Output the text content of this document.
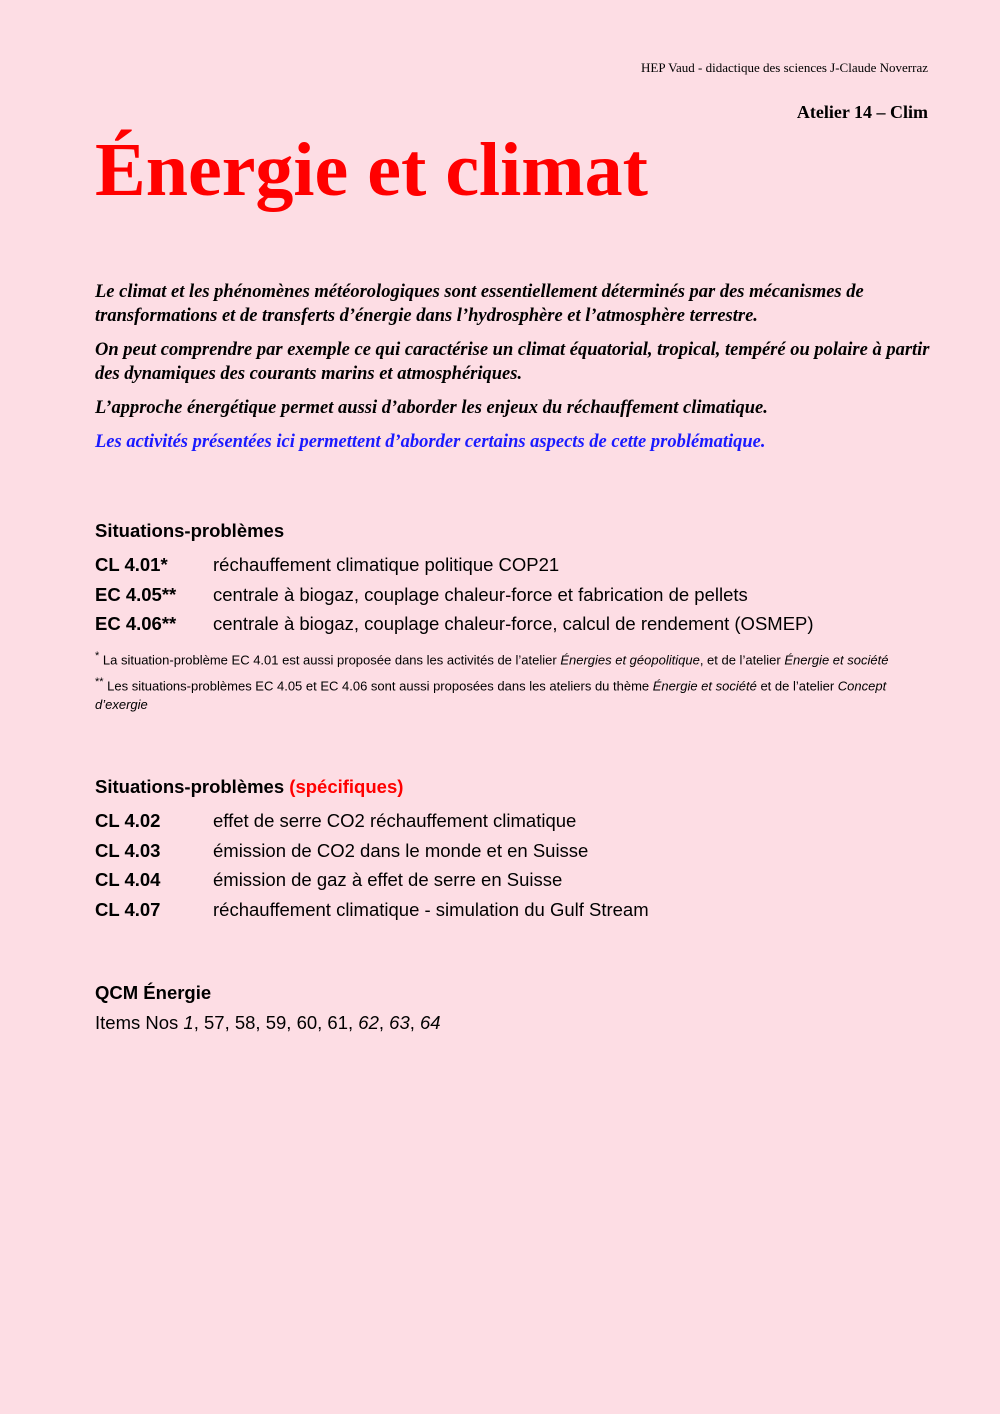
HEP Vaud - didactique des sciences J-Claude Noverraz
Atelier 14 – Clim
Énergie et climat

Le climat et les phénomènes météorologiques sont essentiellement déterminés par des mécanismes de transformations et de transferts d’énergie dans l’hydrosphère et l’atmosphère terrestre.

On peut comprendre par exemple ce qui caractérise un climat équatorial, tropical, tempéré ou polaire à partir des dynamiques des courants marins et atmosphériques.

L’approche énergétique permet aussi d’aborder les enjeux du réchauffement climatique.

Les activités présentées ici permettent d’aborder certains aspects de cette problématique.

Situations-problèmes
CL 4.01*	réchauffement climatique politique COP21
EC 4.05**	centrale à biogaz, couplage chaleur-force et fabrication de pellets
EC 4.06**	centrale à biogaz, couplage chaleur-force, calcul de rendement (OSMEP)

* La situation-problème EC 4.01 est aussi proposée dans les activités de l’atelier Énergies et géopolitique, et de l’atelier Énergie et société

** Les situations-problèmes EC 4.05 et EC 4.06 sont aussi proposées dans les ateliers du thème Énergie et société et de l’atelier Concept d’exergie

Situations-problèmes (spécifiques)
CL 4.02	effet de serre CO2 réchauffement climatique
CL 4.03	émission de CO2 dans le monde et en Suisse
CL 4.04	émission de gaz à effet de serre en Suisse
CL 4.07	réchauffement climatique - simulation du Gulf Stream
QCM Énergie

Items Nos 1, 57, 58, 59, 60, 61, 62, 63, 64
